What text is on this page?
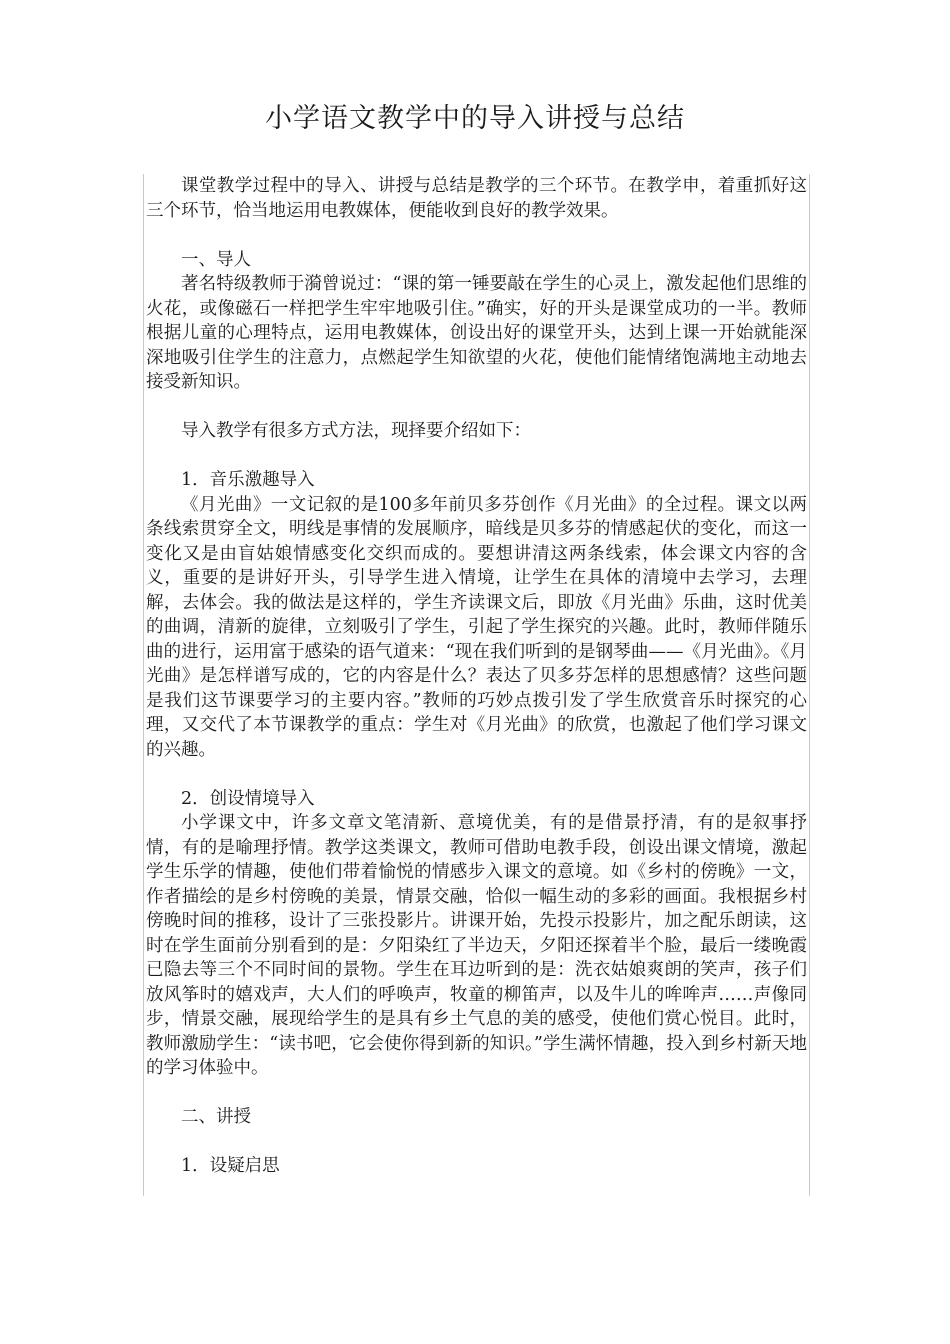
小学语文教学中的导入讲授与总结

课堂教学过程中的导入、讲授与总结是教学的三个环节。在教学申，着重抓好这三个环节，恰当地运用电教媒体，便能收到良好的教学效果。

一、导人

著名特级教师于漪曾说过：“课的第一锤要敲在学生的心灵上，激发起他们思维的火花，或像磁石一样把学生牢牢地吸引住。”确实，好的开头是课堂成功的一半。教师根据儿童的心理特点，运用电教媒体，创设出好的课堂开头，达到上课一开始就能深深地吸引住学生的注意力，点燃起学生知欲望的火花，使他们能情绪饱满地主动地去接受新知识。

导入教学有很多方式方法，现择要介绍如下：

1．音乐激趣导入

《月光曲》一文记叙的是100多年前贝多芬创作《月光曲》的全过程。课文以两条线索贯穿全文，明线是事情的发展顺序，暗线是贝多芬的情感起伏的变化，而这一变化又是由盲姑娘情感变化交织而成的。要想讲清这两条线索，体会课文内容的含义，重要的是讲好开头，引导学生进入情境，让学生在具体的清境中去学习，去理解，去体会。我的做法是这样的，学生齐读课文后，即放《月光曲》乐曲，这时优美的曲调，清新的旋律，立刻吸引了学生，引起了学生探究的兴趣。此时，教师伴随乐曲的进行，运用富于感染的语气道来：“现在我们听到的是钢琴曲——《月光曲》。《月光曲》是怎样谱写成的，它的内容是什么？表达了贝多芬怎样的思想感情？这些问题是我们这节课要学习的主要内容。”教师的巧妙点拨引发了学生欣赏音乐时探究的心理，又交代了本节课教学的重点：学生对《月光曲》的欣赏，也激起了他们学习课文的兴趣。

2．创设情境导入

小学课文中，许多文章文笔清新、意境优美，有的是借景抒清，有的是叙事抒情，有的是喻理抒情。教学这类课文，教师可借助电教手段，创设出课文情境，激起学生乐学的情趣，使他们带着愉悦的情感步入课文的意境。如《乡村的傍晚》一文，作者描绘的是乡村傍晚的美景，情景交融，恰似一幅生动的多彩的画面。我根据乡村傍晚时间的推移，设计了三张投影片。讲课开始，先投示投影片，加之配乐朗读，这时在学生面前分别看到的是：夕阳染红了半边天，夕阳还探着半个脸，最后一缕晚霞已隐去等三个不同时间的景物。学生在耳边听到的是：洗衣姑娘爽朗的笑声，孩子们放风筝时的嬉戏声，大人们的呼唤声，牧童的柳笛声，以及牛儿的哞哞声……声像同步，情景交融，展现给学生的是具有乡土气息的美的感受，使他们赏心悦目。此时，教师激励学生：“读书吧，它会使你得到新的知识。”学生满怀情趣，投入到乡村新天地的学习体验中。

二、讲授

1．设疑启思
